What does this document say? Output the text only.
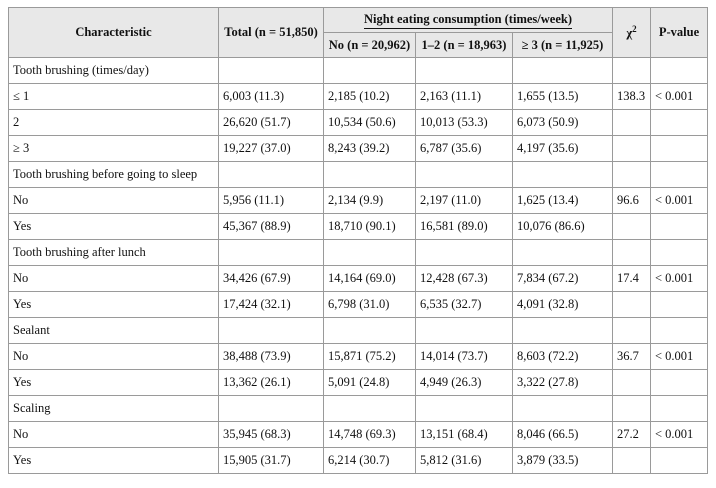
Characteristic	Total (n = 51,850)	Night eating consumption (times/week)			$\chi^2$	P-value
		No (n = 20,962)	1–2 (n = 18,963)	≥ 3 (n = 11,925)		
Tooth brushing (times/day)						
≤ 1	6,003 (11.3)	2,185 (10.2)	2,163 (11.1)	1,655 (13.5)	138.3	< 0.001
2	26,620 (51.7)	10,534 (50.6)	10,013 (53.3)	6,073 (50.9)		
≥ 3	19,227 (37.0)	8,243 (39.2)	6,787 (35.6)	4,197 (35.6)		
Tooth brushing before going to sleep						
No	5,956 (11.1)	2,134 (9.9)	2,197 (11.0)	1,625 (13.4)	96.6	< 0.001
Yes	45,367 (88.9)	18,710 (90.1)	16,581 (89.0)	10,076 (86.6)		
Tooth brushing after lunch						
No	34,426 (67.9)	14,164 (69.0)	12,428 (67.3)	7,834 (67.2)	17.4	< 0.001
Yes	17,424 (32.1)	6,798 (31.0)	6,535 (32.7)	4,091 (32.8)		
Sealant						
No	38,488 (73.9)	15,871 (75.2)	14,014 (73.7)	8,603 (72.2)	36.7	< 0.001
Yes	13,362 (26.1)	5,091 (24.8)	4,949 (26.3)	3,322 (27.8)		
Scaling						
No	35,945 (68.3)	14,748 (69.3)	13,151 (68.4)	8,046 (66.5)	27.2	< 0.001
Yes	15,905 (31.7)	6,214 (30.7)	5,812 (31.6)	3,879 (33.5)		
